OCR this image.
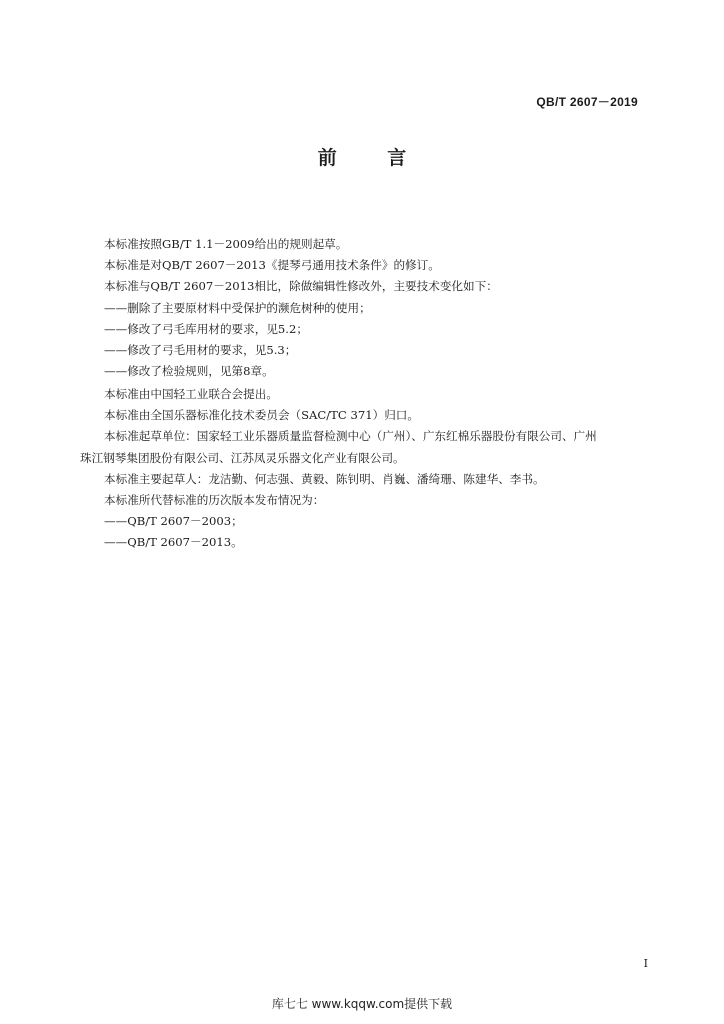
QB/T 2607－2019
前 言

本标准按照GB/T 1.1－2009给出的规则起草。

本标准是对QB/T 2607－2013《提琴弓通用技术条件》的修订。

本标准与QB/T 2607－2013相比，除做编辑性修改外，主要技术变化如下：

——删除了主要原材料中受保护的濒危树种的使用；

——修改了弓毛库用材的要求，见5.2；

——修改了弓毛用材的要求，见5.3；

——修改了检验规则，见第8章。

本标准由中国轻工业联合会提出。

本标准由全国乐器标准化技术委员会（SAC/TC 371）归口。

本标准起草单位：国家轻工业乐器质量监督检测中心（广州）、广东红棉乐器股份有限公司、广州

珠江钢琴集团股份有限公司、江苏凤灵乐器文化产业有限公司。

本标准主要起草人：龙洁勤、何志强、黄毅、陈钊明、肖巍、潘绮珊、陈建华、李书。

本标准所代替标准的历次版本发布情况为：

——QB/T 2607－2003；

——QB/T 2607－2013。

I
库七七 www.kqqw.com提供下载
